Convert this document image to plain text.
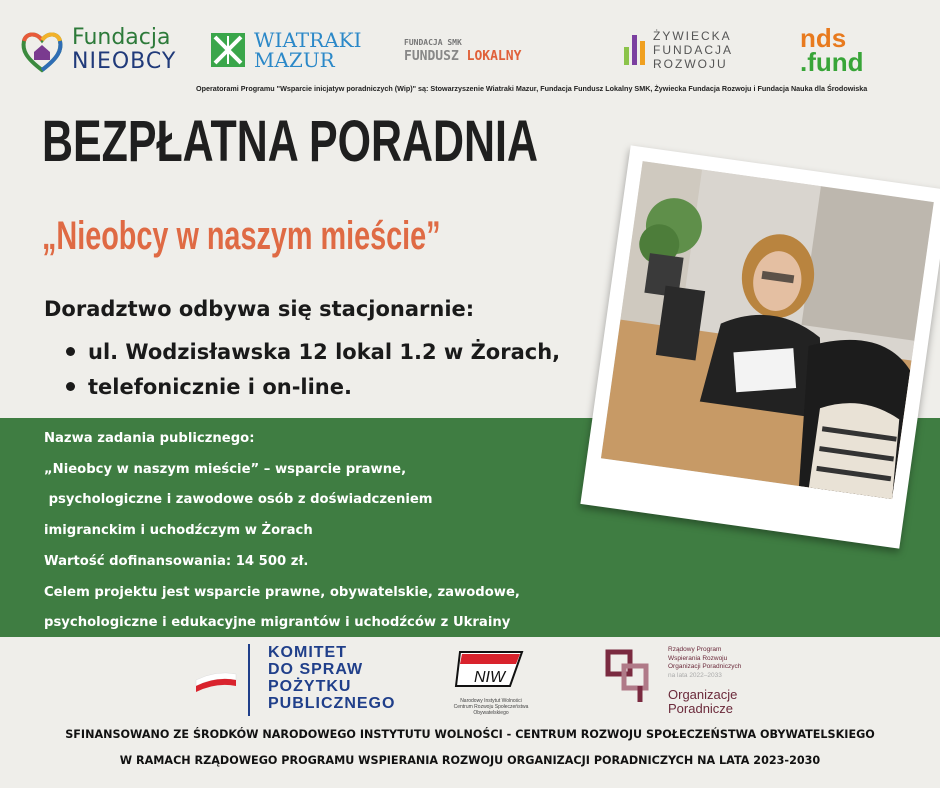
Fundacja
NIEOBCY
WIATRAKI
MAZUR
FUNDACJA SMK
FUNDUSZ LOKALNY
ŻYWIECKA
FUNDACJA
ROZWOJU
nds
.fund
Operatorami Programu "Wsparcie inicjatyw poradniczych (Wip)" są: Stowarzyszenie Wiatraki Mazur, Fundacja Fundusz Lokalny SMK, Żywiecka Fundacja Rozwoju i Fundacja Nauka dla Środowiska
BEZPŁATNA PORADNIA
„Nieobcy w naszym mieście”
Doradztwo odbywa się stacjonarnie:
ul. Wodzisławska 12 lokal 1.2 w Żorach,
telefonicznie i on-line.
Nazwa zadania publicznego:
„Nieobcy w naszym mieście” – wsparcie prawne,
psychologiczne i zawodowe osób z doświadczeniem
imigranckim i uchodźczym w Żorach
Wartość dofinansowania: 14 500 zł.
Celem projektu jest wsparcie prawne, obywatelskie, zawodowe,
psychologiczne i edukacyjne migrantów i uchodźców z Ukrainy
KOMITET
DO SPRAW
POŻYTKU
PUBLICZNEGO
NIW
Narodowy Instytut Wolności
Centrum Rozwoju Społeczeństwa Obywatelskiego
Rządowy Program
Wspierania Rozwoju
Organizacji Poradniczych
na lata 2022–2033
Organizacje
Poradnicze
SFINANSOWANO ZE ŚRODKÓW NARODOWEGO INSTYTUTU WOLNOŚCI - CENTRUM ROZWOJU SPOŁECZEŃSTWA OBYWATELSKIEGO
W RAMACH RZĄDOWEGO PROGRAMU WSPIERANIA ROZWOJU ORGANIZACJI PORADNICZYCH NA LATA 2023-2030
